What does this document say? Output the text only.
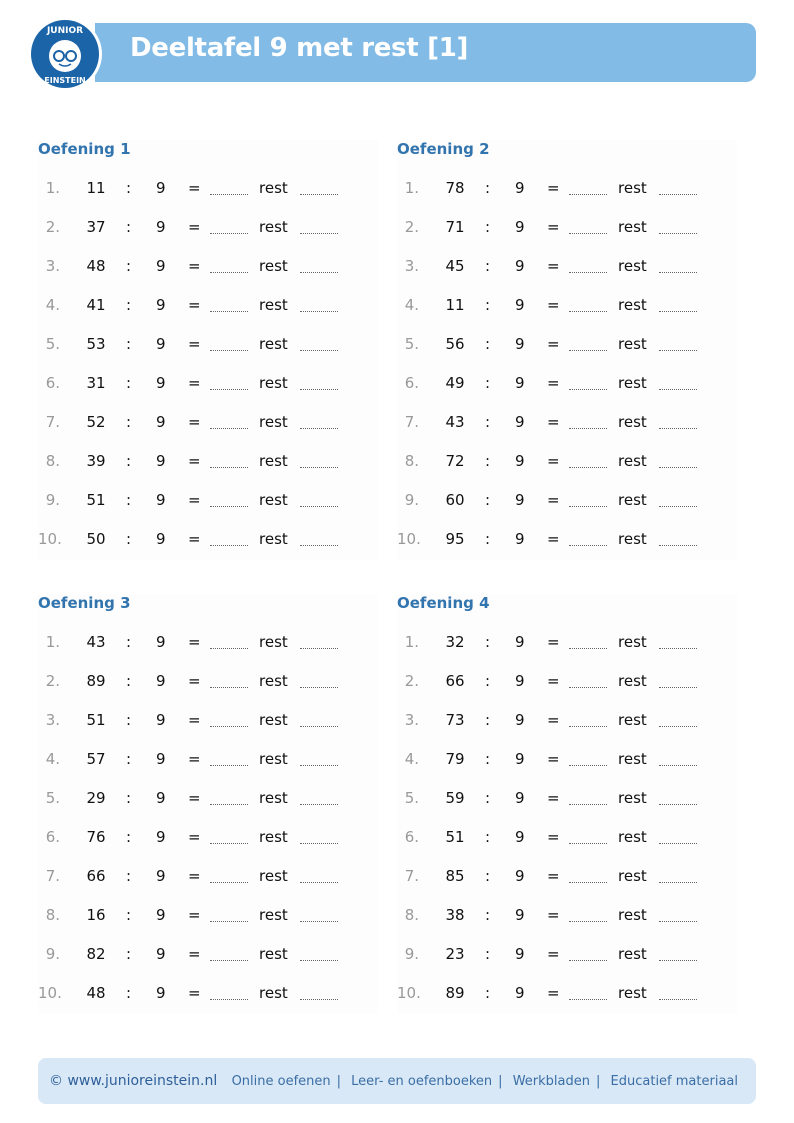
JUNIOR
EINSTEIN
Deeltafel 9 met rest [1]
Oefening 1
1. 11 : 9 =	rest
2. 37 : 9 =	rest
3. 48 : 9 =	rest
4. 41 : 9 =	rest
5. 53 : 9 =	rest
6. 31 : 9 =	rest
7. 52 : 9 =	rest
8. 39 : 9 =	rest
9. 51 : 9 =	rest
10. 50 : 9 =	rest
Oefening 2
1. 78 : 9 =	rest
2. 71 : 9 =	rest
3. 45 : 9 =	rest
4. 11 : 9 =	rest
5. 56 : 9 =	rest
6. 49 : 9 =	rest
7. 43 : 9 =	rest
8. 72 : 9 =	rest
9. 60 : 9 =	rest
10. 95 : 9 =	rest
Oefening 3
1. 43 : 9 =	rest
2. 89 : 9 =	rest
3. 51 : 9 =	rest
4. 57 : 9 =	rest
5. 29 : 9 =	rest
6. 76 : 9 =	rest
7. 66 : 9 =	rest
8. 16 : 9 =	rest
9. 82 : 9 =	rest
10. 48 : 9 =	rest
Oefening 4
1. 32 : 9 =	rest
2. 66 : 9 =	rest
3. 73 : 9 =	rest
4. 79 : 9 =	rest
5. 59 : 9 =	rest
6. 51 : 9 =	rest
7. 85 : 9 =	rest
8. 38 : 9 =	rest
9. 23 : 9 =	rest
10. 89 : 9 =	rest
© www.junioreinstein.nl Online oefenen | Leer- en oefenboeken | Werkbladen | Educatief materiaal
